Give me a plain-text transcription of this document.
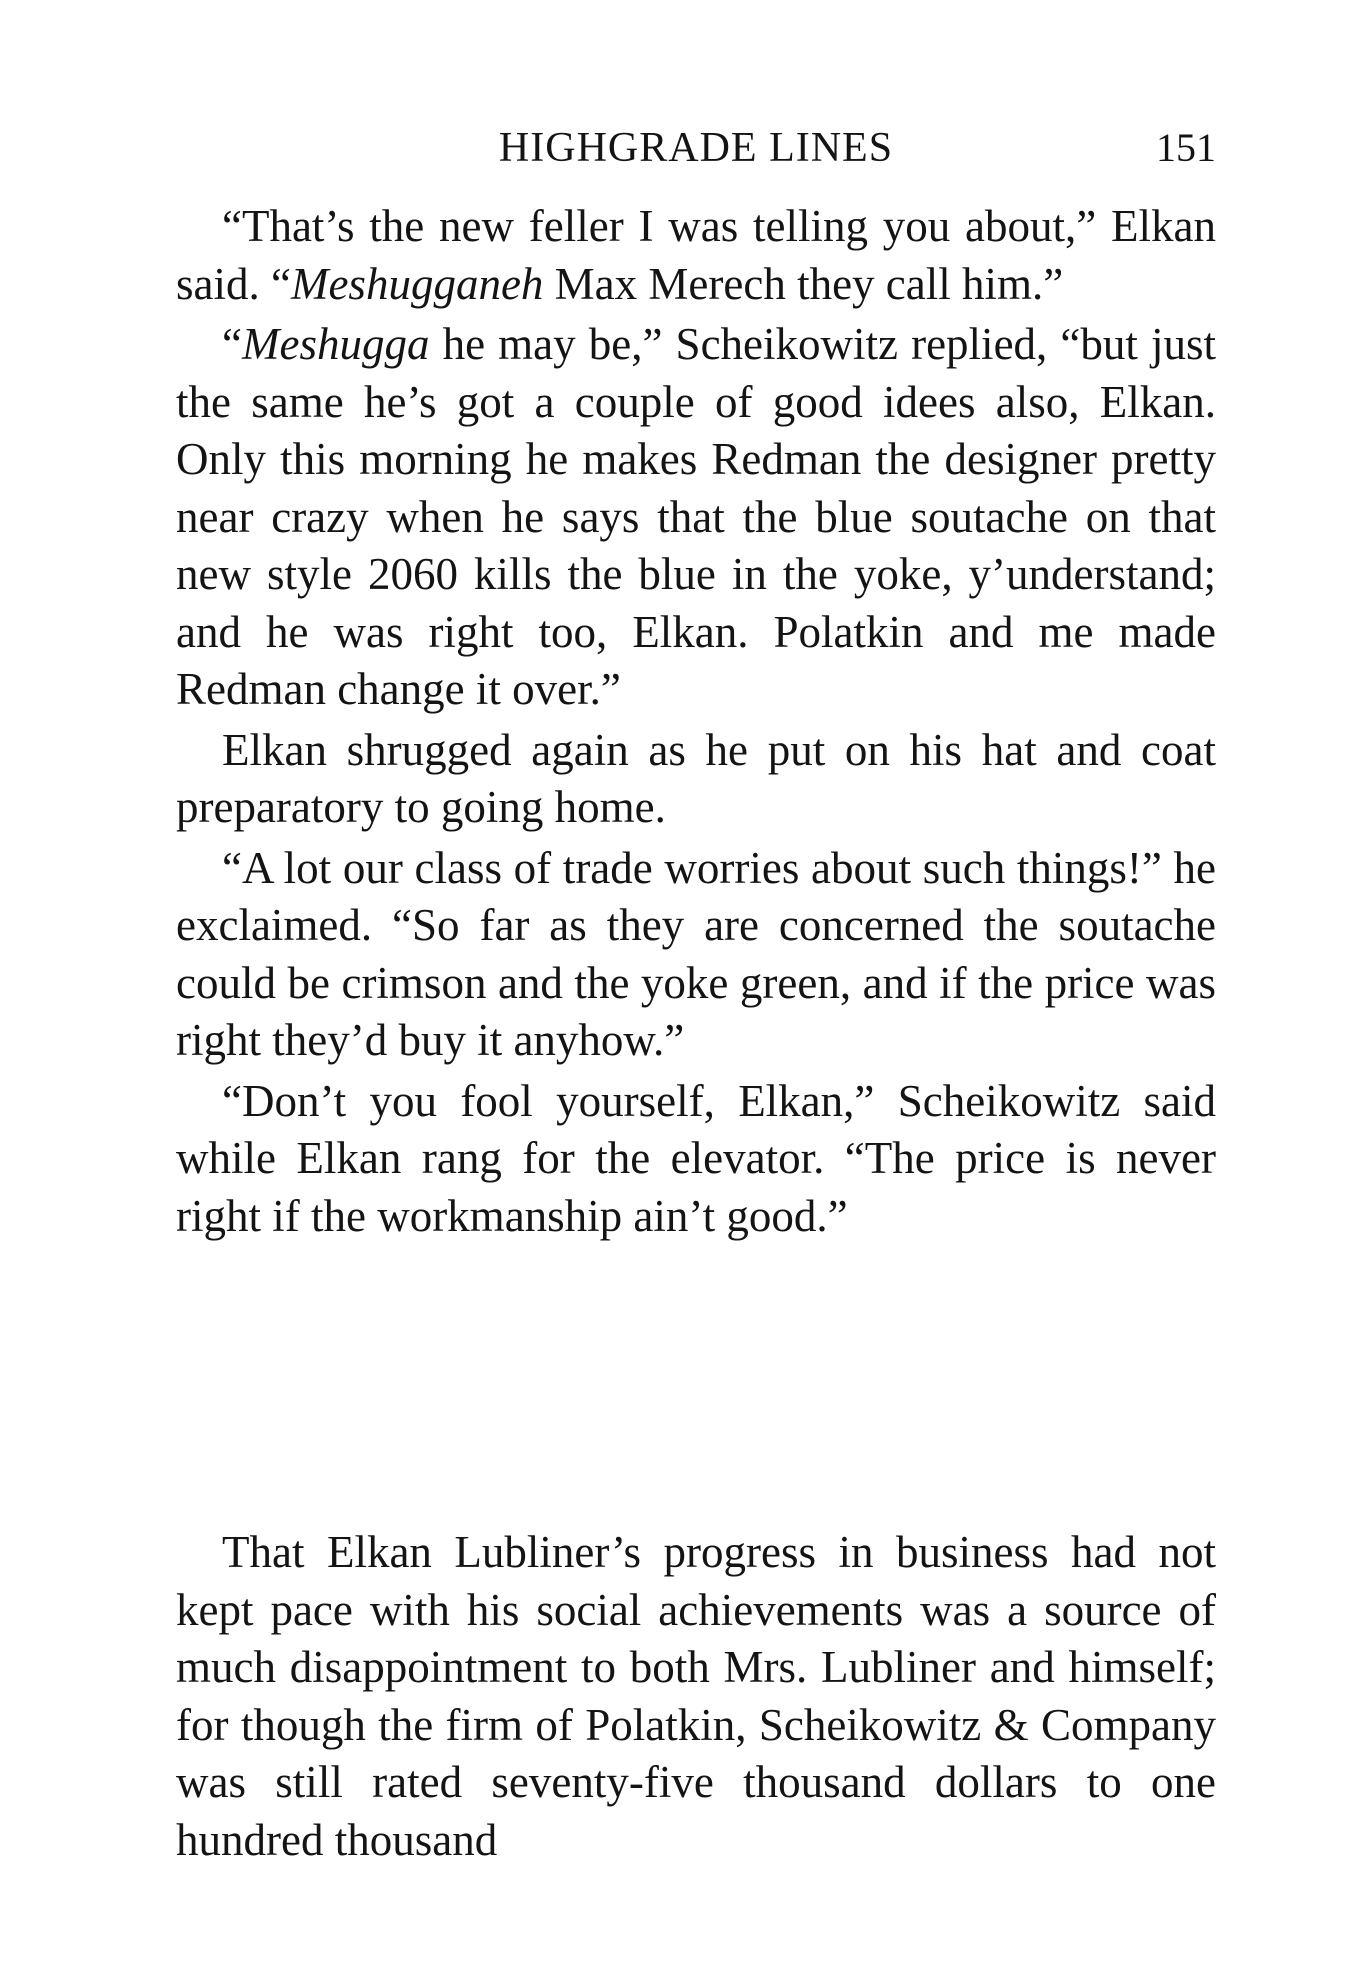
HIGHGRADE LINES	151

“That’s the new feller I was telling you about,” Elkan said. “Meshugganeh Max Merech they call him.”

“Meshugga he may be,” Scheikowitz replied, “but just the same he’s got a couple of good idees also, Elkan. Only this morning he makes Redman the designer pretty near crazy when he says that the blue soutache on that new style 2060 kills the blue in the yoke, y’understand; and he was right too, Elkan. Polatkin and me made Redman change it over.”

Elkan shrugged again as he put on his hat and coat preparatory to going home.

“A lot our class of trade worries about such things!” he exclaimed. “So far as they are concerned the soutache could be crimson and the yoke green, and if the price was right they’d buy it anyhow.”

“Don’t you fool yourself, Elkan,” Scheikowitz said while Elkan rang for the elevator. “The price is never right if the workmanship ain’t good.”

That Elkan Lubliner’s progress in business had not kept pace with his social achievements was a source of much disappointment to both Mrs. Lubliner and himself; for though the firm of Polatkin, Scheikowitz & Company was still rated seventy-five thousand dollars to one hundred thousand
